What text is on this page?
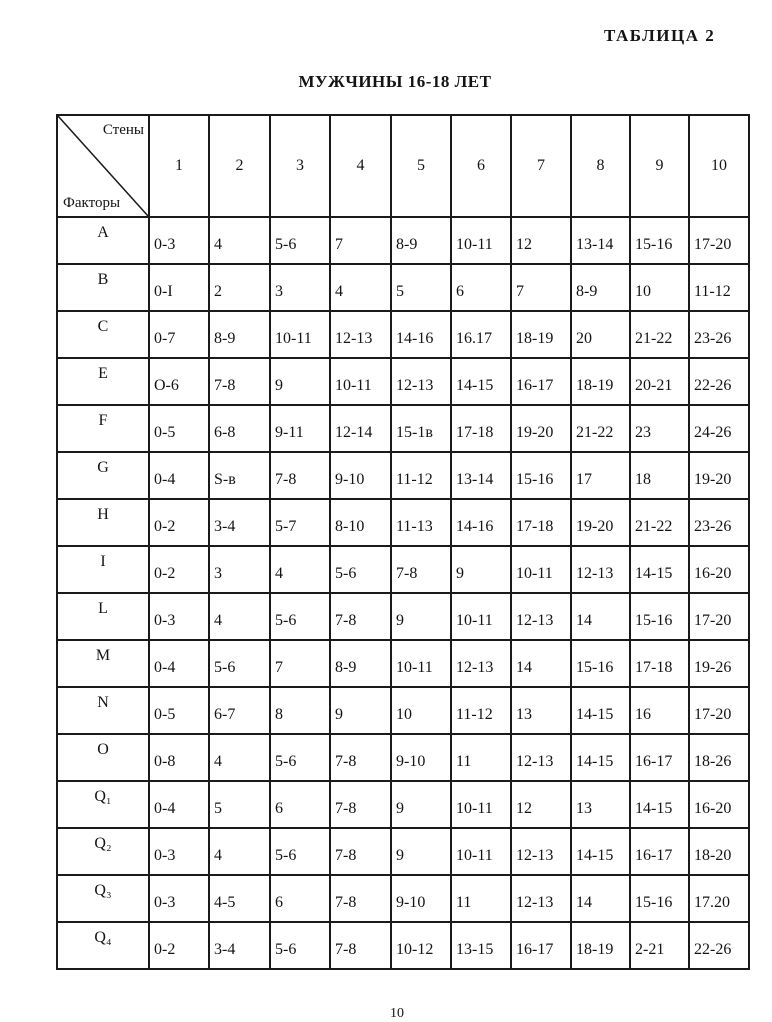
ТАБЛИЦА 2
МУЖЧИНЫ 16-18 ЛЕТ
Стены
Факторы	1	2	3	4	5	6	7	8	9	10
A	0-3	4	5-6	7	8-9	10-11	12	13-14	15-16	17-20
B	0-I	2	3	4	5	6	7	8-9	10	11-12
C	0-7	8-9	10-11	12-13	14-16	16.17	18-19	20	21-22	23-26
E	O-6	7-8	9	10-11	12-13	14-15	16-17	18-19	20-21	22-26
F	0-5	6-8	9-11	12-14	15-1в	17-18	19-20	21-22	23	24-26
G	0-4	S-в	7-8	9-10	11-12	13-14	15-16	17	18	19-20
H	0-2	3-4	5-7	8-10	11-13	14-16	17-18	19-20	21-22	23-26
I	0-2	3	4	5-6	7-8	9	10-11	12-13	14-15	16-20
L	0-3	4	5-6	7-8	9	10-11	12-13	14	15-16	17-20
M	0-4	5-6	7	8-9	10-11	12-13	14	15-16	17-18	19-26
N	0-5	6-7	8	9	10	11-12	13	14-15	16	17-20
O	0-8	4	5-6	7-8	9-10	11	12-13	14-15	16-17	18-26
Q₁	0-4	5	6	7-8	9	10-11	12	13	14-15	16-20
Q₂	0-3	4	5-6	7-8	9	10-11	12-13	14-15	16-17	18-20
Q₃	0-3	4-5	6	7-8	9-10	11	12-13	14	15-16	17.20
Q₄	0-2	3-4	5-6	7-8	10-12	13-15	16-17	18-19	2-21	22-26
10
